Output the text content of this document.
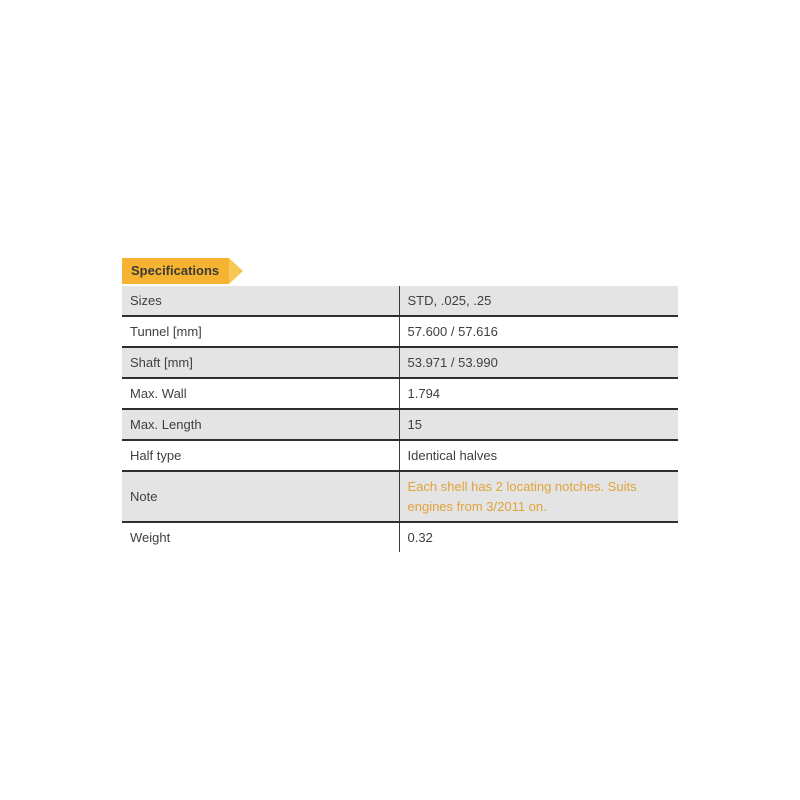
Specifications
Sizes	STD, .025, .25
Tunnel [mm]	57.600 / 57.616
Shaft [mm]	53.971 / 53.990
Max. Wall	1.794
Max. Length	15
Half type	Identical halves
Note	Each shell has 2 locating notches. Suits engines from 3/2011 on.
Weight	0.32
